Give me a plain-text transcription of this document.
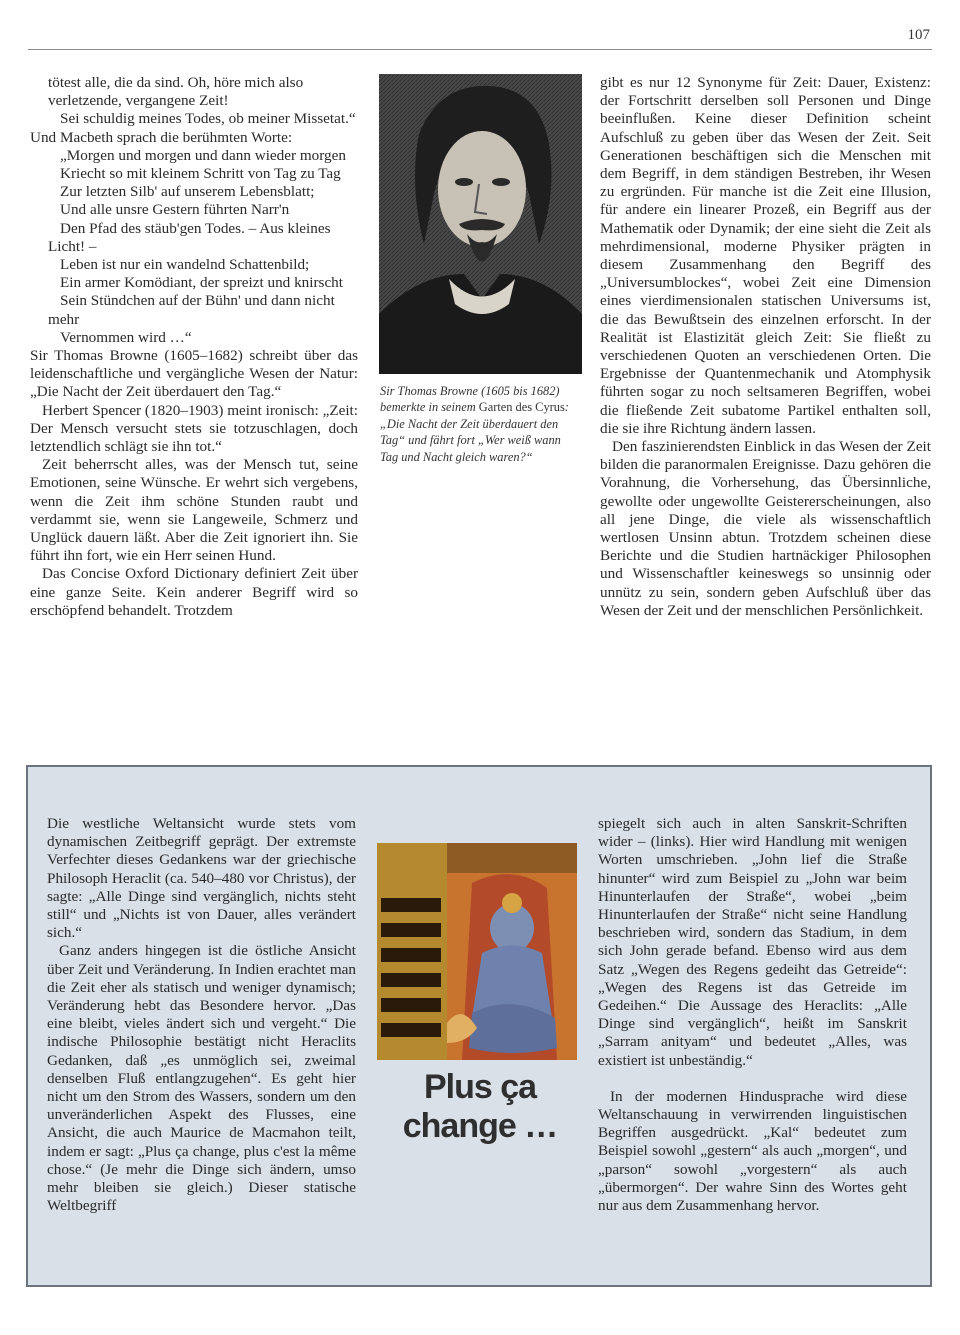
107

tötest alle, die da sind. Oh, höre mich also verletzende, vergangene Zeit!

Sei schuldig meines Todes, ob meiner Missetat.“

Und Macbeth sprach die berühmten Worte:

„Morgen und morgen und dann wieder morgen

Kriecht so mit kleinem Schritt von Tag zu Tag

Zur letzten Silb' auf unserem Lebensblatt;

Und alle unsre Gestern führten Narr'n

Den Pfad des stäub'gen Todes. – Aus kleines Licht! –

Leben ist nur ein wandelnd Schattenbild;

Ein armer Komödiant, der spreizt und knirscht

Sein Stündchen auf der Bühn' und dann nicht mehr

Vernommen wird …“

Sir Thomas Browne (1605–1682) schreibt über das leidenschaftliche und vergängliche Wesen der Natur: „Die Nacht der Zeit überdauert den Tag.“

Herbert Spencer (1820–1903) meint ironisch: „Zeit: Der Mensch versucht stets sie totzuschlagen, doch letztendlich schlägt sie ihn tot.“

Zeit beherrscht alles, was der Mensch tut, seine Emotionen, seine Wünsche. Er wehrt sich vergebens, wenn die Zeit ihm schöne Stunden raubt und verdammt sie, wenn sie Langeweile, Schmerz und Unglück dauern läßt. Aber die Zeit ignoriert ihn. Sie führt ihn fort, wie ein Herr seinen Hund.

Das Concise Oxford Dictionary definiert Zeit über eine ganze Seite. Kein anderer Begriff wird so erschöpfend behandelt. Trotzdem

Sir Thomas Browne (1605 bis 1682) bemerkte in seinem Garten des Cyrus: „Die Nacht der Zeit überdauert den Tag“ und fährt fort „Wer weiß wann Tag und Nacht gleich waren?“

gibt es nur 12 Synonyme für Zeit: Dauer, Existenz: der Fortschritt derselben soll Personen und Dinge beeinflußen. Keine dieser Definition scheint Aufschluß zu geben über das Wesen der Zeit. Seit Generationen beschäftigen sich die Menschen mit dem Begriff, in dem ständigen Bestreben, ihr Wesen zu ergründen. Für manche ist die Zeit eine Illusion, für andere ein linearer Prozeß, ein Begriff aus der Mathematik oder Dynamik; der eine sieht die Zeit als mehrdimensional, moderne Physiker prägten in diesem Zusammenhang den Begriff des „Universumblockes“, wobei Zeit eine Dimension eines vierdimensionalen statischen Universums ist, die das Bewußtsein des einzelnen erforscht. In der Realität ist Elastizität gleich Zeit: Sie fließt zu verschiedenen Quoten an verschiedenen Orten. Die Ergebnisse der Quantenmechanik und Atomphysik führten sogar zu noch seltsameren Begriffen, wobei die fließende Zeit subatome Partikel enthalten soll, die sie ihre Richtung ändern lassen.

Den faszinierendsten Einblick in das Wesen der Zeit bilden die paranormalen Ereignisse. Dazu gehören die Vorahnung, die Vorhersehung, das Übersinnliche, gewollte oder ungewollte Geistererscheinungen, also all jene Dinge, die viele als wissenschaftlich wertlosen Unsinn abtun. Trotzdem scheinen diese Berichte und die Studien hartnäckiger Philosophen und Wissenschaftler keineswegs so unsinnig oder unnütz zu sein, sondern geben Aufschluß über das Wesen der Zeit und der menschlichen Persönlichkeit.

Die westliche Weltansicht wurde stets vom dynamischen Zeitbegriff geprägt. Der extremste Verfechter dieses Gedankens war der griechische Philosoph Heraclit (ca. 540–480 vor Christus), der sagte: „Alle Dinge sind vergänglich, nichts steht still“ und „Nichts ist von Dauer, alles verändert sich.“

Ganz anders hingegen ist die östliche Ansicht über Zeit und Veränderung. In Indien erachtet man die Zeit eher als statisch und weniger dynamisch; Veränderung hebt das Besondere hervor. „Das eine bleibt, vieles ändert sich und vergeht.“ Die indische Philosophie bestätigt nicht Heraclits Gedanken, daß „es unmöglich sei, zweimal denselben Fluß entlangzugehen“. Es geht hier nicht um den Strom des Wassers, sondern um den unveränderlichen Aspekt des Flusses, eine Ansicht, die auch Maurice de Macmahon teilt, indem er sagt: „Plus ça change, plus c'est la même chose.“ (Je mehr die Dinge sich ändern, umso mehr bleiben sie gleich.) Dieser statische Weltbegriff

Plus ça
change …

spiegelt sich auch in alten Sanskrit-Schriften wider – (links). Hier wird Handlung mit wenigen Worten umschrieben. „John lief die Straße hinunter“ wird zum Beispiel zu „John war beim Hinunterlaufen der Straße“, wobei „beim Hinunterlaufen der Straße“ nicht seine Handlung beschrieben wird, sondern das Stadium, in dem sich John gerade befand. Ebenso wird aus dem Satz „Wegen des Regens gedeiht das Getreide“: „Wegen des Regens ist das Getreide im Gedeihen.“ Die Aussage des Heraclits: „Alle Dinge sind vergänglich“, heißt im Sanskrit „Sarram anityam“ und bedeutet „Alles, was existiert ist unbeständig.“

In der modernen Hindusprache wird diese Weltanschauung in verwirrenden linguistischen Begriffen ausgedrückt. „Kal“ bedeutet zum Beispiel sowohl „gestern“ als auch „morgen“, und „parson“ sowohl „vorgestern“ als auch „übermorgen“. Der wahre Sinn des Wortes geht nur aus dem Zusammenhang hervor.
